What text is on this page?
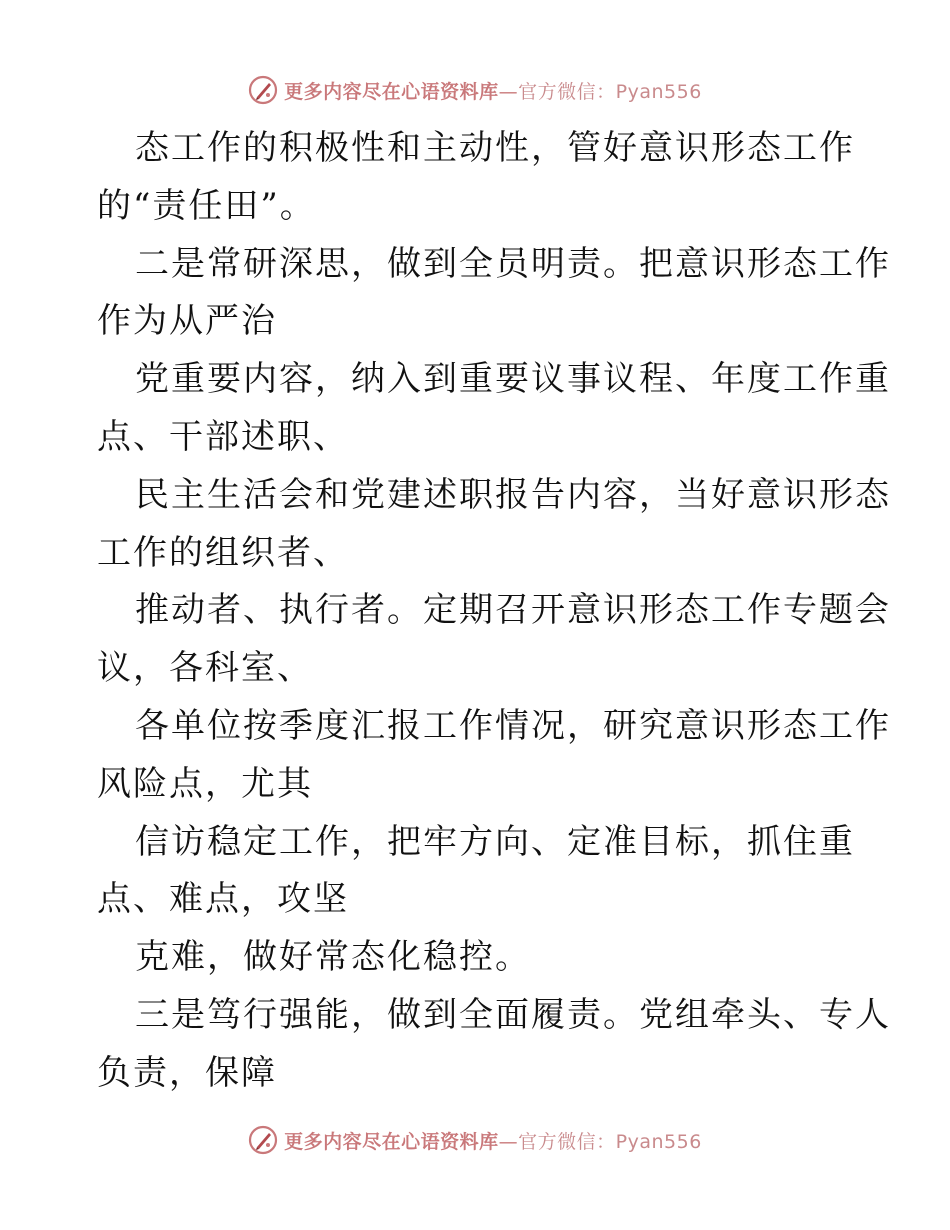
更多内容尽在心语资料库—官方微信：Pyan556
态工作的积极性和主动性，管好意识形态工作
的“责任田”。
二是常研深思，做到全员明责。把意识形态工作
作为从严治
党重要内容，纳入到重要议事议程、年度工作重
点、干部述职、
民主生活会和党建述职报告内容，当好意识形态
工作的组织者、
推动者、执行者。定期召开意识形态工作专题会
议，各科室、
各单位按季度汇报工作情况，研究意识形态工作
风险点，尤其
信访稳定工作，把牢方向、定准目标，抓住重
点、难点，攻坚
克难，做好常态化稳控。
三是笃行强能，做到全面履责。党组牵头、专人
负责，保障
更多内容尽在心语资料库—官方微信：Pyan556
